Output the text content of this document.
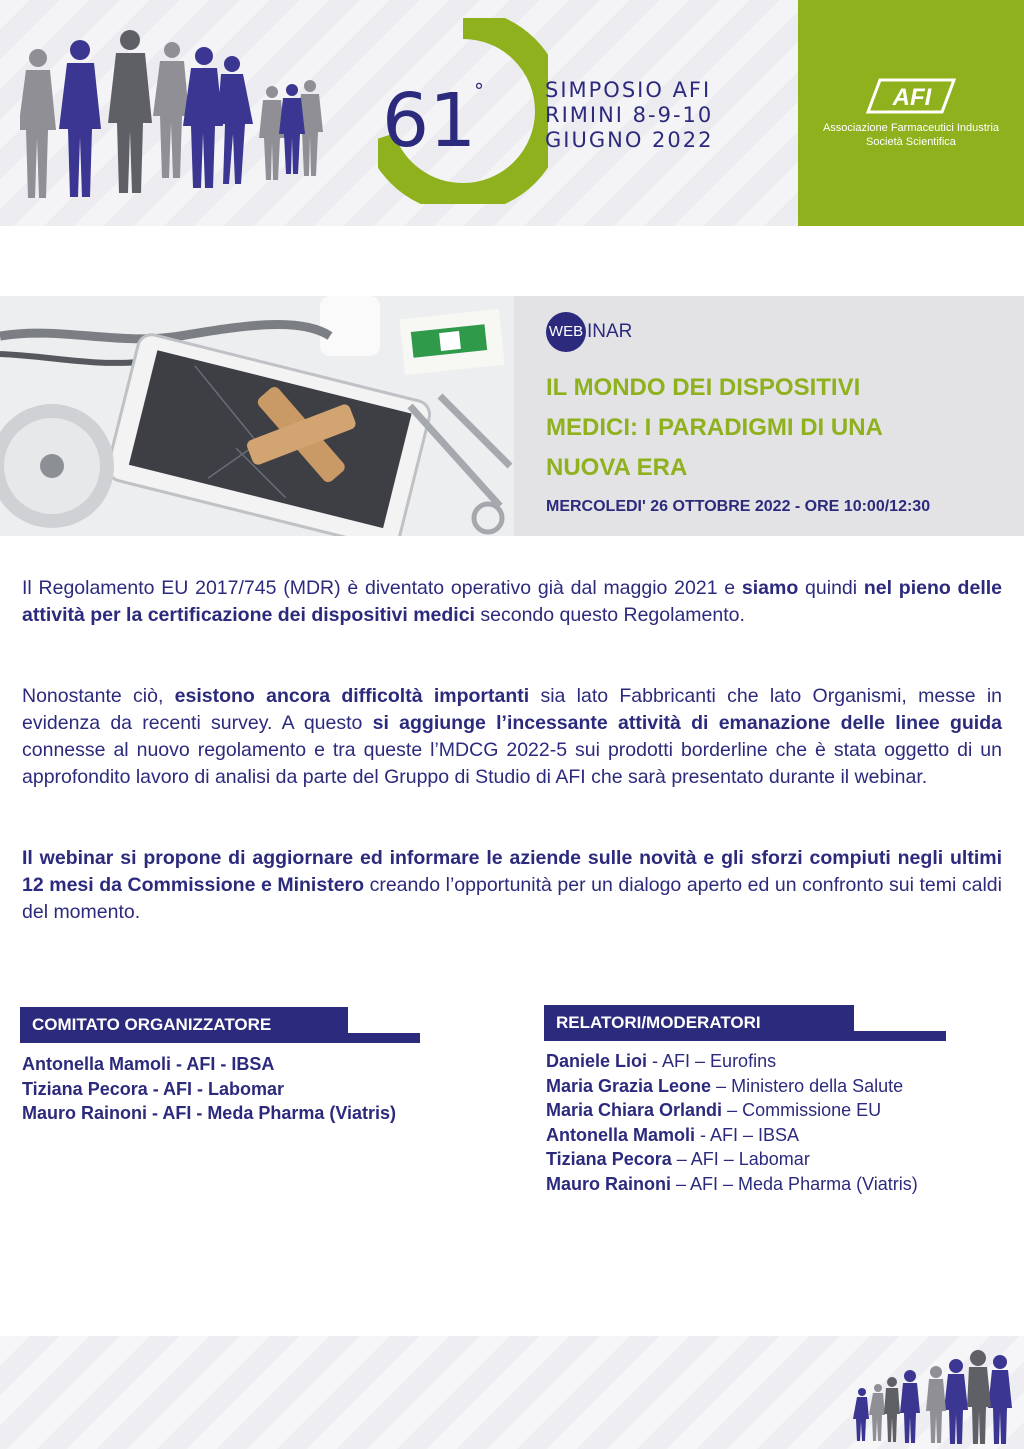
61
°	SIMPOSIO AFI
RIMINI 8-9-10
GIUGNO 2022
AFI
Associazione Farmaceutici Industria
Società Scientifica
WEB INAR
IL MONDO DEI DISPOSITIVI
MEDICI: I PARADIGMI DI UNA
NUOVA ERA
MERCOLEDI' 26 OTTOBRE 2022 - ORE 10:00/12:30
Il Regolamento EU 2017/745 (MDR) è diventato operativo già dal maggio 2021 e siamo quindi nel pieno delle attività per la certificazione dei dispositivi medici secondo questo Regolamento.
Nonostante ciò, esistono ancora difficoltà importanti sia lato Fabbricanti che lato Organismi, messe in evidenza da recenti survey. A questo si aggiunge l’incessante attività di emanazione delle linee guida connesse al nuovo regolamento e tra queste l’MDCG 2022-5 sui prodotti borderline che è stata oggetto di un approfondito lavoro di analisi da parte del Gruppo di Studio di AFI che sarà presentato durante il webinar.
Il webinar si propone di aggiornare ed informare le aziende sulle novità e gli sforzi compiuti negli ultimi 12 mesi da Commissione e Ministero creando l’opportunità per un dialogo aperto ed un confronto sui temi caldi del momento.
COMITATO ORGANIZZATORE
Antonella Mamoli - AFI - IBSA
Tiziana Pecora - AFI - Labomar
Mauro Rainoni - AFI - Meda Pharma (Viatris)
RELATORI/MODERATORI
Daniele Lioi - AFI – Eurofins
Maria Grazia Leone – Ministero della Salute
Maria Chiara Orlandi – Commissione EU
Antonella Mamoli - AFI – IBSA
Tiziana Pecora – AFI – Labomar
Mauro Rainoni – AFI – Meda Pharma (Viatris)
